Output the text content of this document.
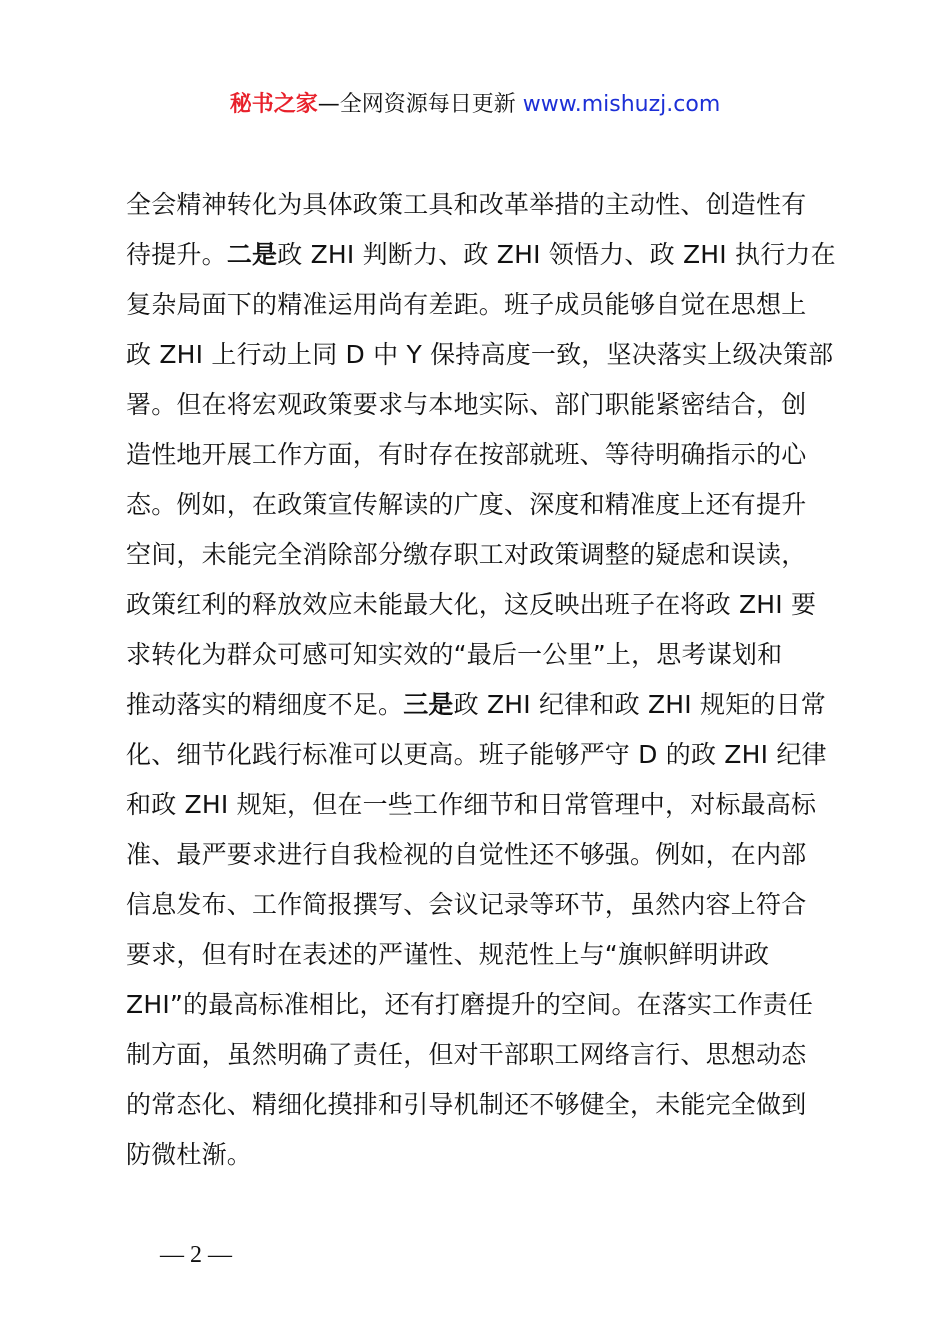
秘书之家—全网资源每日更新 www.mishuzj.com
全会精神转化为具体政策工具和改革举措的主动性、创造性有
待提升。二是政 ZHI 判断力、政 ZHI 领悟力、政 ZHI 执行力在
复杂局面下的精准运用尚有差距。班子成员能够自觉在思想上
政 ZHI 上行动上同 D 中 Y 保持高度一致，坚决落实上级决策部
署。但在将宏观政策要求与本地实际、部门职能紧密结合，创
造性地开展工作方面，有时存在按部就班、等待明确指示的心
态。例如，在政策宣传解读的广度、深度和精准度上还有提升
空间，未能完全消除部分缴存职工对政策调整的疑虑和误读，
政策红利的释放效应未能最大化，这反映出班子在将政 ZHI 要
求转化为群众可感可知实效的“最后一公里”上，思考谋划和
推动落实的精细度不足。三是政 ZHI 纪律和政 ZHI 规矩的日常
化、细节化践行标准可以更高。班子能够严守 D 的政 ZHI 纪律
和政 ZHI 规矩，但在一些工作细节和日常管理中，对标最高标
准、最严要求进行自我检视的自觉性还不够强。例如，在内部
信息发布、工作简报撰写、会议记录等环节，虽然内容上符合
要求，但有时在表述的严谨性、规范性上与“旗帜鲜明讲政
ZHI”的最高标准相比，还有打磨提升的空间。在落实工作责任
制方面，虽然明确了责任，但对干部职工网络言行、思想动态
的常态化、精细化摸排和引导机制还不够健全，未能完全做到
防微杜渐。
— 2 —
